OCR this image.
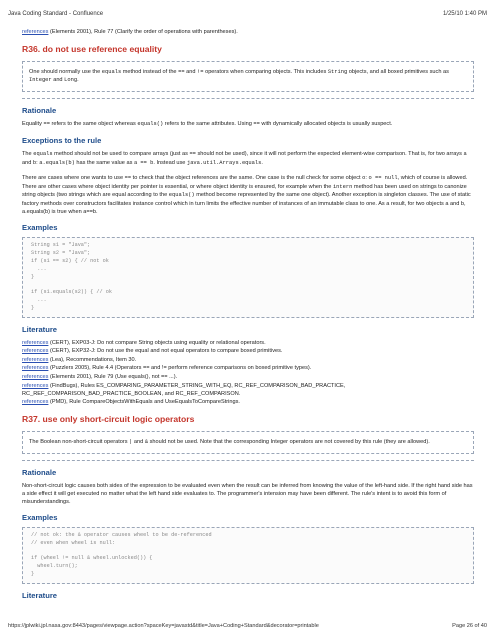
Java Coding Standard - Confluence	1/25/10 1:40 PM

references (Elements 2001), Rule 77 (Clarify the order of operations with parentheses).

R36. do not use reference equality

One should normally use the equals method instead of the == and != operators when comparing objects. This includes String objects, and all boxed primitives such as Integer and Long.

Rationale

Equality == refers to the same object whereas equals() refers to the same attributes. Using == with dynamically allocated objects is usually suspect.

Exceptions to the rule

The equals method should not be used to compare arrays (just as == should not be used), since it will not perform the expected element-wise comparison. That is, for two arrays a and b: a.equals(b) has the same value as a == b. Instead use java.util.Arrays.equals.

There are cases where one wants to use == to check that the object references are the same. One case is the null check for some object o: o == null, which of course is allowed. There are other cases where object identity per pointer is essential, or where object identity is ensured, for example when the intern method has been used on strings to canonize string objects (two strings which are equal according to the equals() method become represented by the same one object). Another exception is singleton classes. The use of static factory methods over constructors facilitates instance control which in turn limits the effective number of instances of an immutable class to one. As a result, for two objects a and b, a.equals(b) is true when a==b.

Examples
String s1 = "Java";
String s2 = "Java";
if (s1 == s2) { // not ok
...
}

if (s1.equals(s2)) { // ok
...
}
Literature

references (CERT), EXP03-J: Do not compare String objects using equality or relational operators.

references (CERT), EXP32-J: Do not use the equal and not equal operators to compare boxed primitives.

references (Lea), Recommendations, Item 30.

references (Puzzlers 2005), Rule 4.4 (Operators == and != perform reference comparisons on boxed primitive types).

references (Elements 2001), Rule 79 (Use equals(), not == ...).

references (FindBugs), Rules ES_COMPARING_PARAMETER_STRING_WITH_EQ, RC_REF_COMPARISON_BAD_PRACTICE, RC_REF_COMPARISON_BAD_PRACTICE_BOOLEAN, and RC_REF_COMPARISON.

references (PMD), Rule CompareObjectsWithEquals and UseEqualsToCompareStrings.

R37. use only short-circuit logic operators

The Boolean non-short-circuit operators | and & should not be used. Note that the corresponding Integer operators are not covered by this rule (they are allowed).

Rationale

Non-short-circuit logic causes both sides of the expression to be evaluated even when the result can be inferred from knowing the value of the left-hand side. If the right hand side has a side effect it will get executed no matter what the left hand side evaluates to. The programmer's intension may have been different. The rule's intent is to avoid this form of misunderstandings.

Examples
// not ok: the & operator causes wheel to be de-referenced
// even when wheel is null:

if (wheel != null & wheel.unlocked()) {
wheel.turn();
}
Literature
https://jplwiki.jpl.nasa.gov:8443/pages/viewpage.action?spaceKey=javastd&title=Java+Coding+Standard&decorator=printable	Page 26 of 40
